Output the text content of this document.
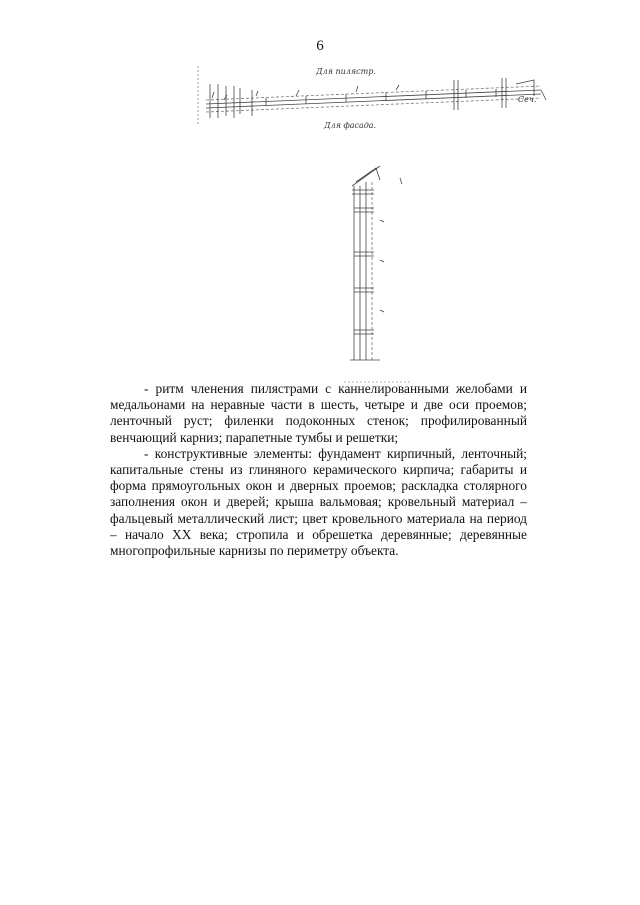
6
Для пилястр.
Для фасада.
Сеч.

- ритм членения пилястрами с каннелированными желобами и медальонами на неравные части в шесть, четыре и две оси проемов; ленточный руст; филенки подоконных стенок; профилированный венчающий карниз; парапетные тумбы и решетки;

- конструктивные элементы: фундамент кирпичный, ленточный; капитальные стены из глиняного керамического кирпича; габариты и форма прямоугольных окон и дверных проемов; раскладка столярного заполнения окон и дверей; крыша вальмовая; кровельный материал – фальцевый металлический лист; цвет кровельного материала на период – начало XX века; стропила и обрешетка деревянные; деревянные многопрофильные карнизы по периметру объекта.
